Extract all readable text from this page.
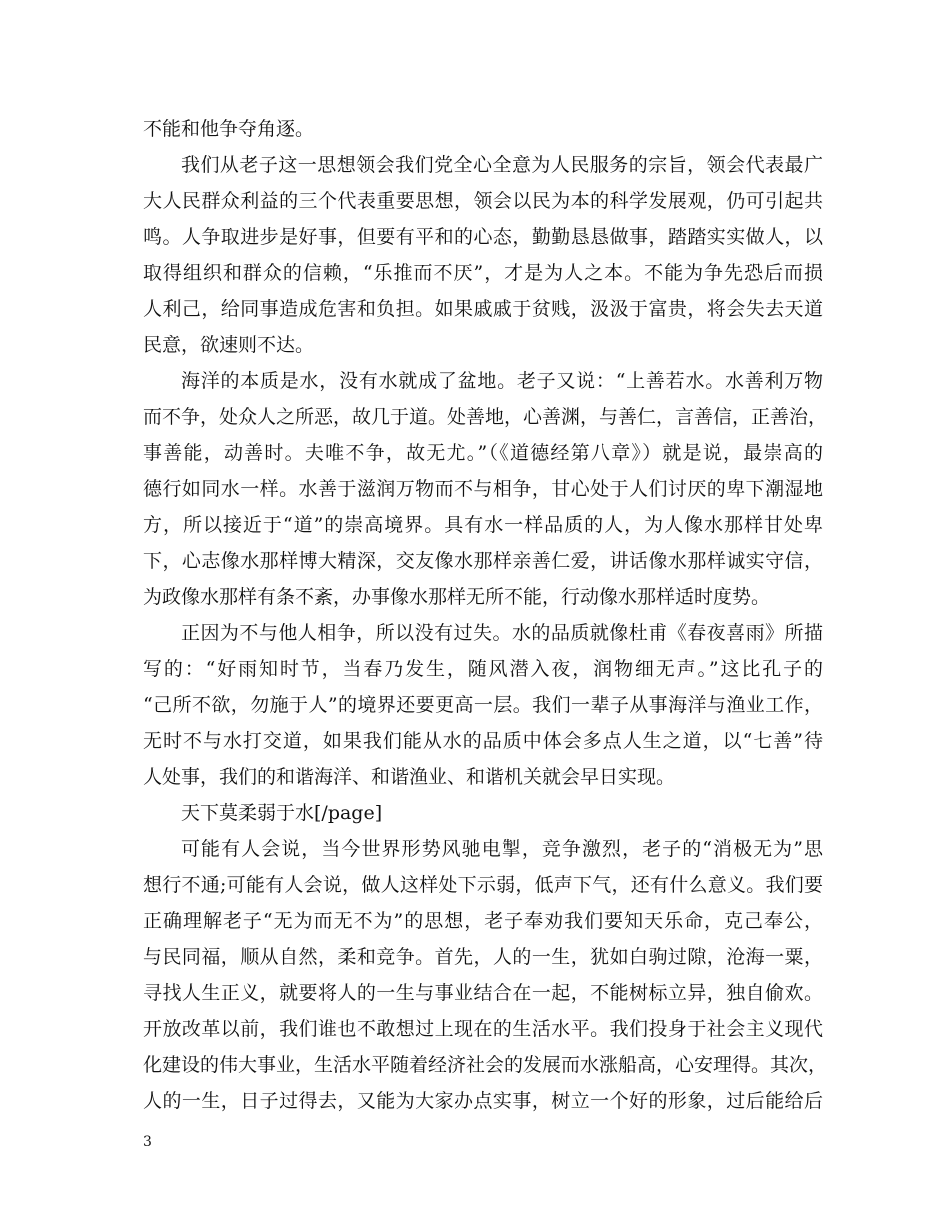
不能和他争夺角逐。
我们从老子这一思想领会我们党全心全意为人民服务的宗旨，领会代表最广
大人民群众利益的三个代表重要思想，领会以民为本的科学发展观，仍可引起共
鸣。人争取进步是好事，但要有平和的心态，勤勤恳恳做事，踏踏实实做人，以
取得组织和群众的信赖，“乐推而不厌”，才是为人之本。不能为争先恐后而损
人利己，给同事造成危害和负担。如果戚戚于贫贱，汲汲于富贵，将会失去天道
民意，欲速则不达。
海洋的本质是水，没有水就成了盆地。老子又说：“上善若水。水善利万物
而不争，处众人之所恶，故几于道。处善地，心善渊，与善仁，言善信，正善治，
事善能，动善时。夫唯不争，故无尤。”（《道德经第八章》）就是说，最崇高的
德行如同水一样。水善于滋润万物而不与相争，甘心处于人们讨厌的卑下潮湿地
方，所以接近于“道”的崇高境界。具有水一样品质的人，为人像水那样甘处卑
下，心志像水那样博大精深，交友像水那样亲善仁爱，讲话像水那样诚实守信，
为政像水那样有条不紊，办事像水那样无所不能，行动像水那样适时度势。
正因为不与他人相争，所以没有过失。水的品质就像杜甫《春夜喜雨》所描
写的：“好雨知时节，当春乃发生，随风潜入夜，润物细无声。”这比孔子的
“己所不欲，勿施于人”的境界还要更高一层。我们一辈子从事海洋与渔业工作，
无时不与水打交道，如果我们能从水的品质中体会多点人生之道，以“七善”待
人处事，我们的和谐海洋、和谐渔业、和谐机关就会早日实现。
天下莫柔弱于水[/page]
可能有人会说，当今世界形势风驰电掣，竞争激烈，老子的“消极无为”思
想行不通;可能有人会说，做人这样处下示弱，低声下气，还有什么意义。我们要
正确理解老子“无为而无不为”的思想，老子奉劝我们要知天乐命，克己奉公，
与民同福，顺从自然，柔和竞争。首先，人的一生，犹如白驹过隙，沧海一粟，
寻找人生正义，就要将人的一生与事业结合在一起，不能树标立异，独自偷欢。
开放改革以前，我们谁也不敢想过上现在的生活水平。我们投身于社会主义现代
化建设的伟大事业，生活水平随着经济社会的发展而水涨船高，心安理得。其次，
人的一生，日子过得去，又能为大家办点实事，树立一个好的形象，过后能给后
3
